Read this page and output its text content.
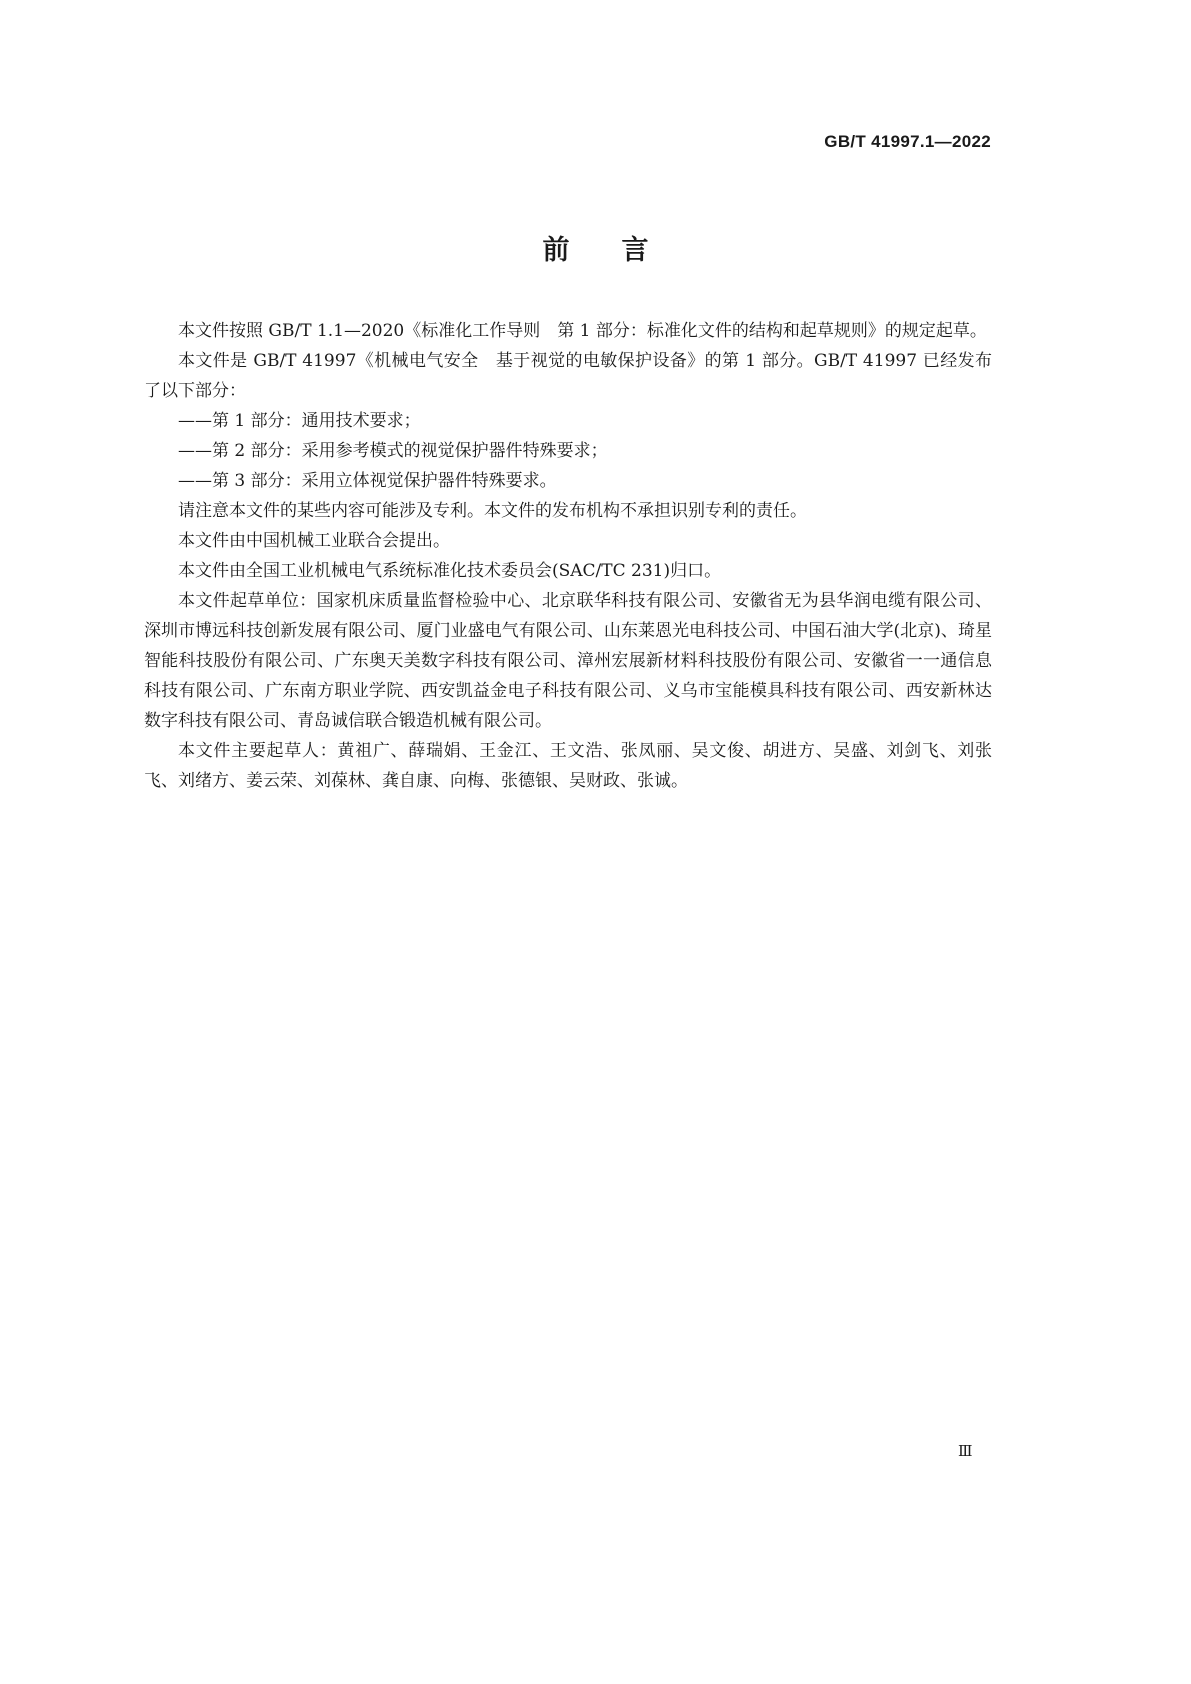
GB/T 41997.1—2022
前言

本文件按照 GB/T 1.1—2020《标准化工作导则　第 1 部分：标准化文件的结构和起草规则》的规定起草。

本文件是 GB/T 41997《机械电气安全　基于视觉的电敏保护设备》的第 1 部分。GB/T 41997 已经发布了以下部分：

——第 1 部分：通用技术要求；

——第 2 部分：采用参考模式的视觉保护器件特殊要求；

——第 3 部分：采用立体视觉保护器件特殊要求。

请注意本文件的某些内容可能涉及专利。本文件的发布机构不承担识别专利的责任。

本文件由中国机械工业联合会提出。

本文件由全国工业机械电气系统标准化技术委员会(SAC/TC 231)归口。

本文件起草单位：国家机床质量监督检验中心、北京联华科技有限公司、安徽省无为县华润电缆有限公司、深圳市博远科技创新发展有限公司、厦门业盛电气有限公司、山东莱恩光电科技公司、中国石油大学(北京)、琦星智能科技股份有限公司、广东奥天美数字科技有限公司、漳州宏展新材料科技股份有限公司、安徽省一一通信息科技有限公司、广东南方职业学院、西安凯益金电子科技有限公司、义乌市宝能模具科技有限公司、西安新林达数字科技有限公司、青岛诚信联合锻造机械有限公司。

本文件主要起草人：黄祖广、薛瑞娟、王金江、王文浩、张凤丽、吴文俊、胡进方、吴盛、刘剑飞、刘张飞、刘绪方、姜云荣、刘葆林、龚自康、向梅、张德银、吴财政、张诚。

Ⅲ
